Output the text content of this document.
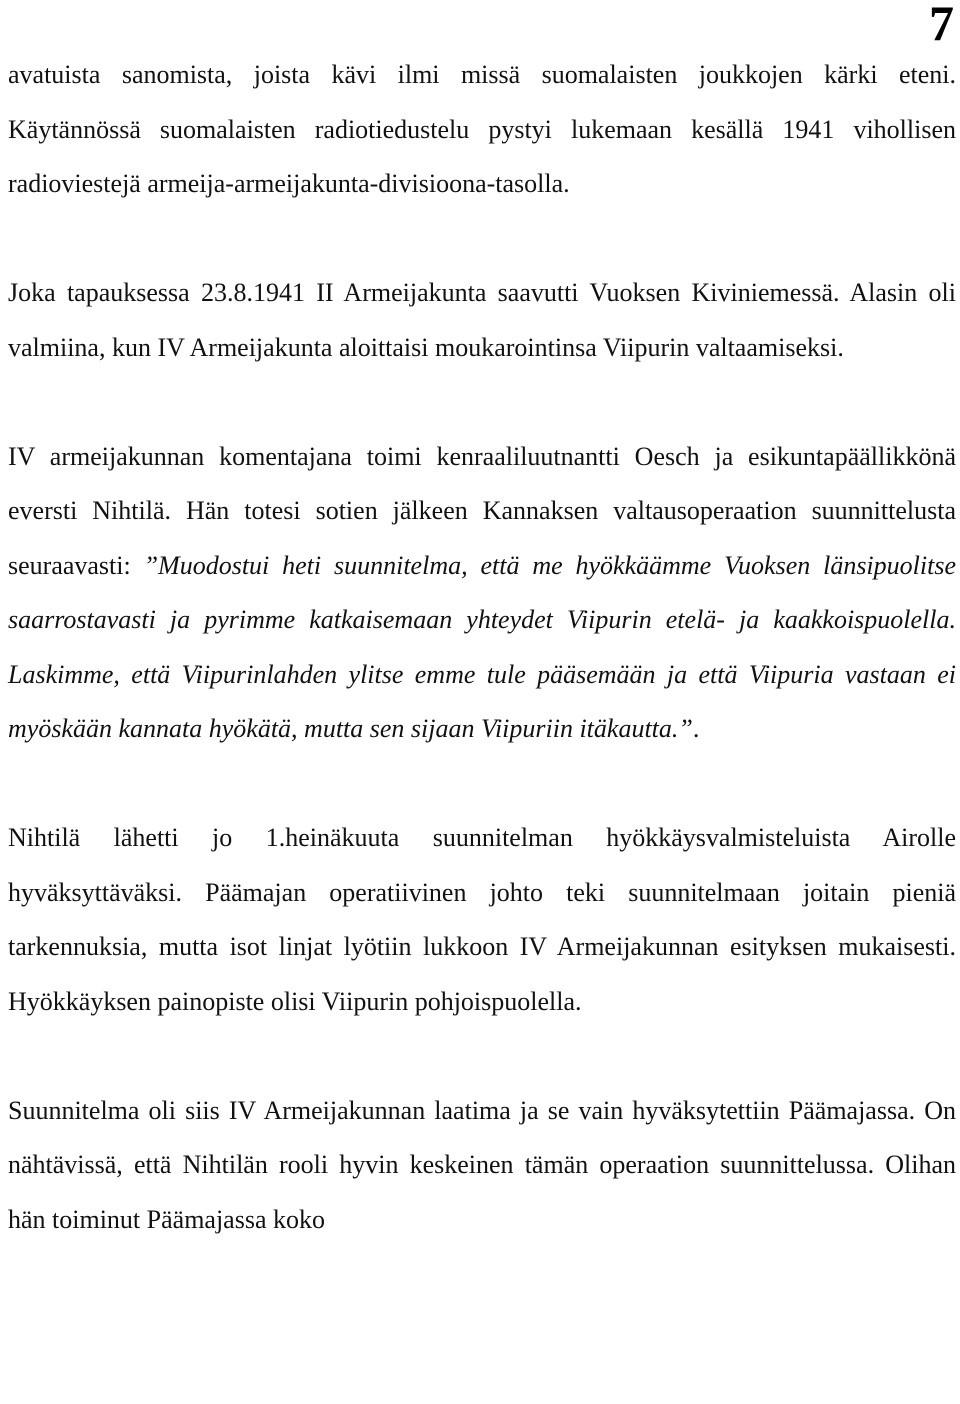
7

avatuista sanomista, joista kävi ilmi missä suomalaisten joukkojen kärki eteni. Käytännössä suomalaisten radiotiedustelu pystyi lukemaan kesällä 1941 vihollisen radioviestejä armeija-armeijakunta-divisioona-tasolla.

Joka tapauksessa 23.8.1941 II Armeijakunta saavutti Vuoksen Kiviniemessä. Alasin oli valmiina, kun IV Armeijakunta aloittaisi moukarointinsa Viipurin valtaamiseksi.

IV armeijakunnan komentajana toimi kenraaliluutnantti Oesch ja esikuntapäällikkönä eversti Nihtilä. Hän totesi sotien jälkeen Kannaksen valtausoperaation suunnittelusta seuraavasti: ”Muodostui heti suunnitelma, että me hyökkäämme Vuoksen länsipuolitse saarrostavasti ja pyrimme katkaisemaan yhteydet Viipurin etelä- ja kaakkoispuolella. Laskimme, että Viipurinlahden ylitse emme tule pääsemään ja että Viipuria vastaan ei myöskään kannata hyökätä, mutta sen sijaan Viipuriin itäkautta.”.

Nihtilä lähetti jo 1.heinäkuuta suunnitelman hyökkäysvalmisteluista Airolle hyväksyttäväksi. Päämajan operatiivinen johto teki suunnitelmaan joitain pieniä tarkennuksia, mutta isot linjat lyötiin lukkoon IV Armeijakunnan esityksen mukaisesti. Hyökkäyksen painopiste olisi Viipurin pohjoispuolella.

Suunnitelma oli siis IV Armeijakunnan laatima ja se vain hyväksytettiin Päämajassa. On nähtävissä, että Nihtilän rooli hyvin keskeinen tämän operaation suunnittelussa. Olihan hän toiminut Päämajassa koko
